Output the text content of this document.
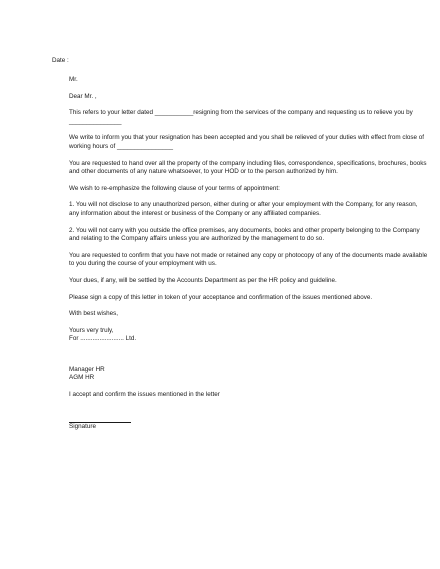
Date :

Mr.

Dear Mr. ,

This refers to your letter dated ___________resigning from the services of the company and requesting us to relieve you by _______________

We write to inform you that your resignation has been accepted and you shall be relieved of your duties with effect from close of working hours of ________________

You are requested to hand over all the property of the company including files, correspondence, specifications, brochures, books and other documents of any nature whatsoever, to your HOD or to the person authorized by him.

We wish to re-emphasize the following clause of your terms of appointment:

1. You will not disclose to any unauthorized person, either during or after your employment with the Company, for any reason, any information about the interest or business of the Company or any affiliated companies.

2. You will not carry with you outside the office premises, any documents, books and other property belonging to the Company and relating to the Company affairs unless you are authorized by the management to do so.

You are requested to confirm that you have not made or retained any copy or photocopy of any of the documents made available to you during the course of your employment with us.

Your dues, if any, will be settled by the Accounts Department as per the HR policy and guideline.

Please sign a copy of this letter in token of your acceptance and confirmation of the issues mentioned above.

With best wishes,

Yours very truly,

For ......................... Ltd.

Manager HR

AGM HR

I accept and confirm the issues mentioned in the letter

Signature
